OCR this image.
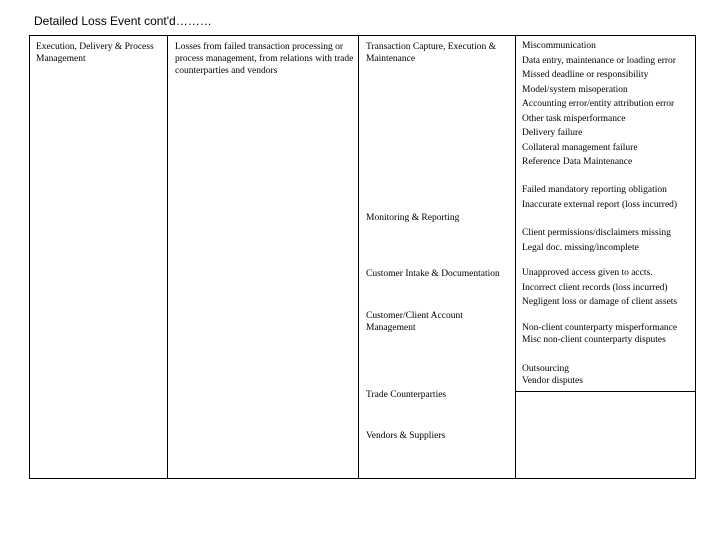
Detailed Loss Event cont'd………
Execution, Delivery & Process Management
Losses from failed transaction processing or process management, from relations with trade counterparties and vendors
Transaction Capture, Execution & Maintenance
Monitoring & Reporting
Customer Intake & Documentation
Customer/Client Account Management
Trade Counterparties
Vendors & Suppliers
Miscommunication
Data entry, maintenance or loading error
Missed deadline or responsibility
Model/system misoperation
Accounting error/entity attribution error
Other task misperformance
Delivery failure
Collateral management failure
Reference Data Maintenance
Failed mandatory reporting obligation
Inaccurate external report (loss incurred)
Client permissions/disclaimers missing
Legal doc. missing/incomplete
Unapproved access given to accts.
Incorrect client records (loss incurred)
Negligent loss or damage of client assets
Non-client counterparty misperformance
Misc non-client counterparty disputes
Outsourcing
Vendor disputes
